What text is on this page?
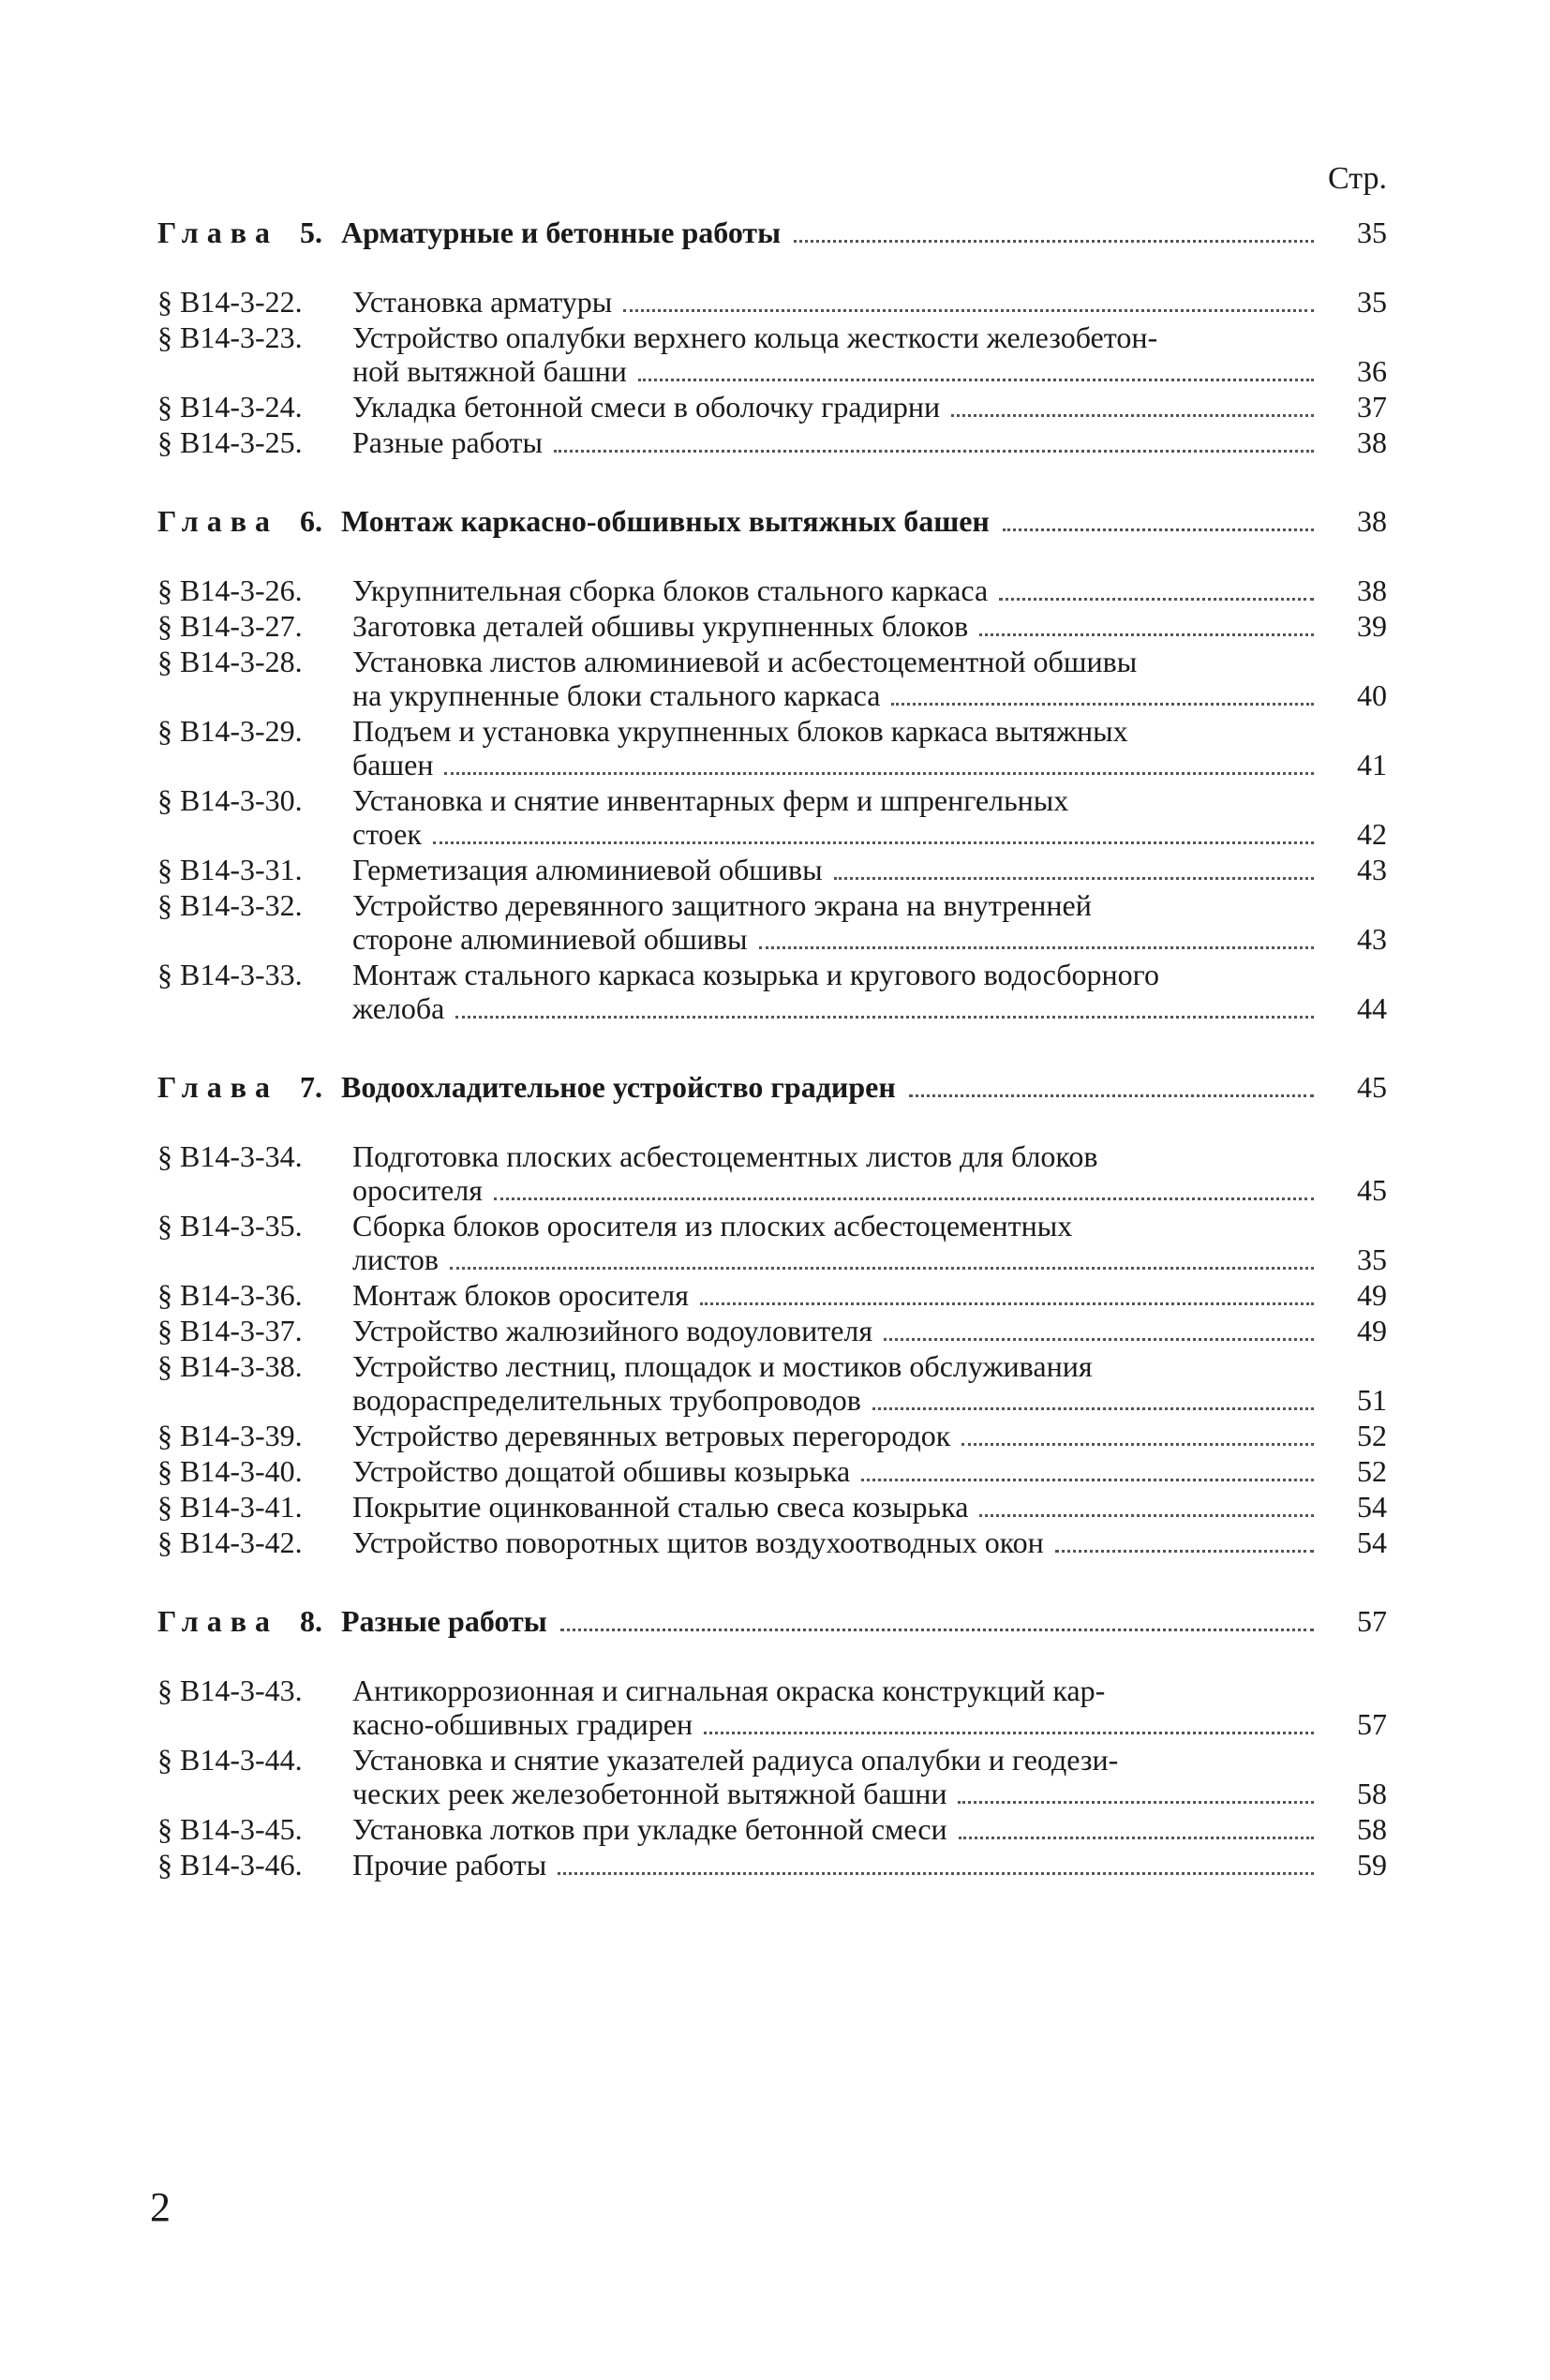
Стр.
Глава 5. Арматурные и бетонные работы	35
§ В14-3-22.	Установка арматуры	35
§ В14-3-23.	Устройство опалубки верхнего кольца жесткости железобетон-
ной вытяжной башни	36
§ В14-3-24.	Укладка бетонной смеси в оболочку градирни	37
§ В14-3-25.	Разные работы	38
Глава 6. Монтаж каркасно-обшивных вытяжных башен	38
§ В14-3-26.	Укрупнительная сборка блоков стального каркаса	38
§ В14-3-27.	Заготовка деталей обшивы укрупненных блоков	39
§ В14-3-28.	Установка листов алюминиевой и асбестоцементной обшивы
на укрупненные блоки стального каркаса	40
§ В14-3-29.	Подъем и установка укрупненных блоков каркаса вытяжных
башен	41
§ В14-3-30.	Установка и снятие инвентарных ферм и шпренгельных
стоек	42
§ В14-3-31.	Герметизация алюминиевой обшивы	43
§ В14-3-32.	Устройство деревянного защитного экрана на внутренней
стороне алюминиевой обшивы	43
§ В14-3-33.	Монтаж стального каркаса козырька и кругового водосборного
желоба	44
Глава 7. Водоохладительное устройство градирен	45
§ В14-3-34.	Подготовка плоских асбестоцементных листов для блоков
оросителя	45
§ В14-3-35.	Сборка блоков оросителя из плоских асбестоцементных
листов	35
§ В14-3-36.	Монтаж блоков оросителя	49
§ В14-3-37.	Устройство жалюзийного водоуловителя	49
§ В14-3-38.	Устройство лестниц, площадок и мостиков обслуживания
водораспределительных трубопроводов	51
§ В14-3-39.	Устройство деревянных ветровых перегородок	52
§ В14-3-40.	Устройство дощатой обшивы козырька	52
§ В14-3-41.	Покрытие оцинкованной сталью свеса козырька	54
§ В14-3-42.	Устройство поворотных щитов воздухоотводных окон	54
Глава 8. Разные работы	57
§ В14-3-43.	Антикоррозионная и сигнальная окраска конструкций кар-
касно-обшивных градирен	57
§ В14-3-44.	Установка и снятие указателей радиуса опалубки и геодези-
ческих реек железобетонной вытяжной башни	58
§ В14-3-45.	Установка лотков при укладке бетонной смеси	58
§ В14-3-46.	Прочие работы	59
2
